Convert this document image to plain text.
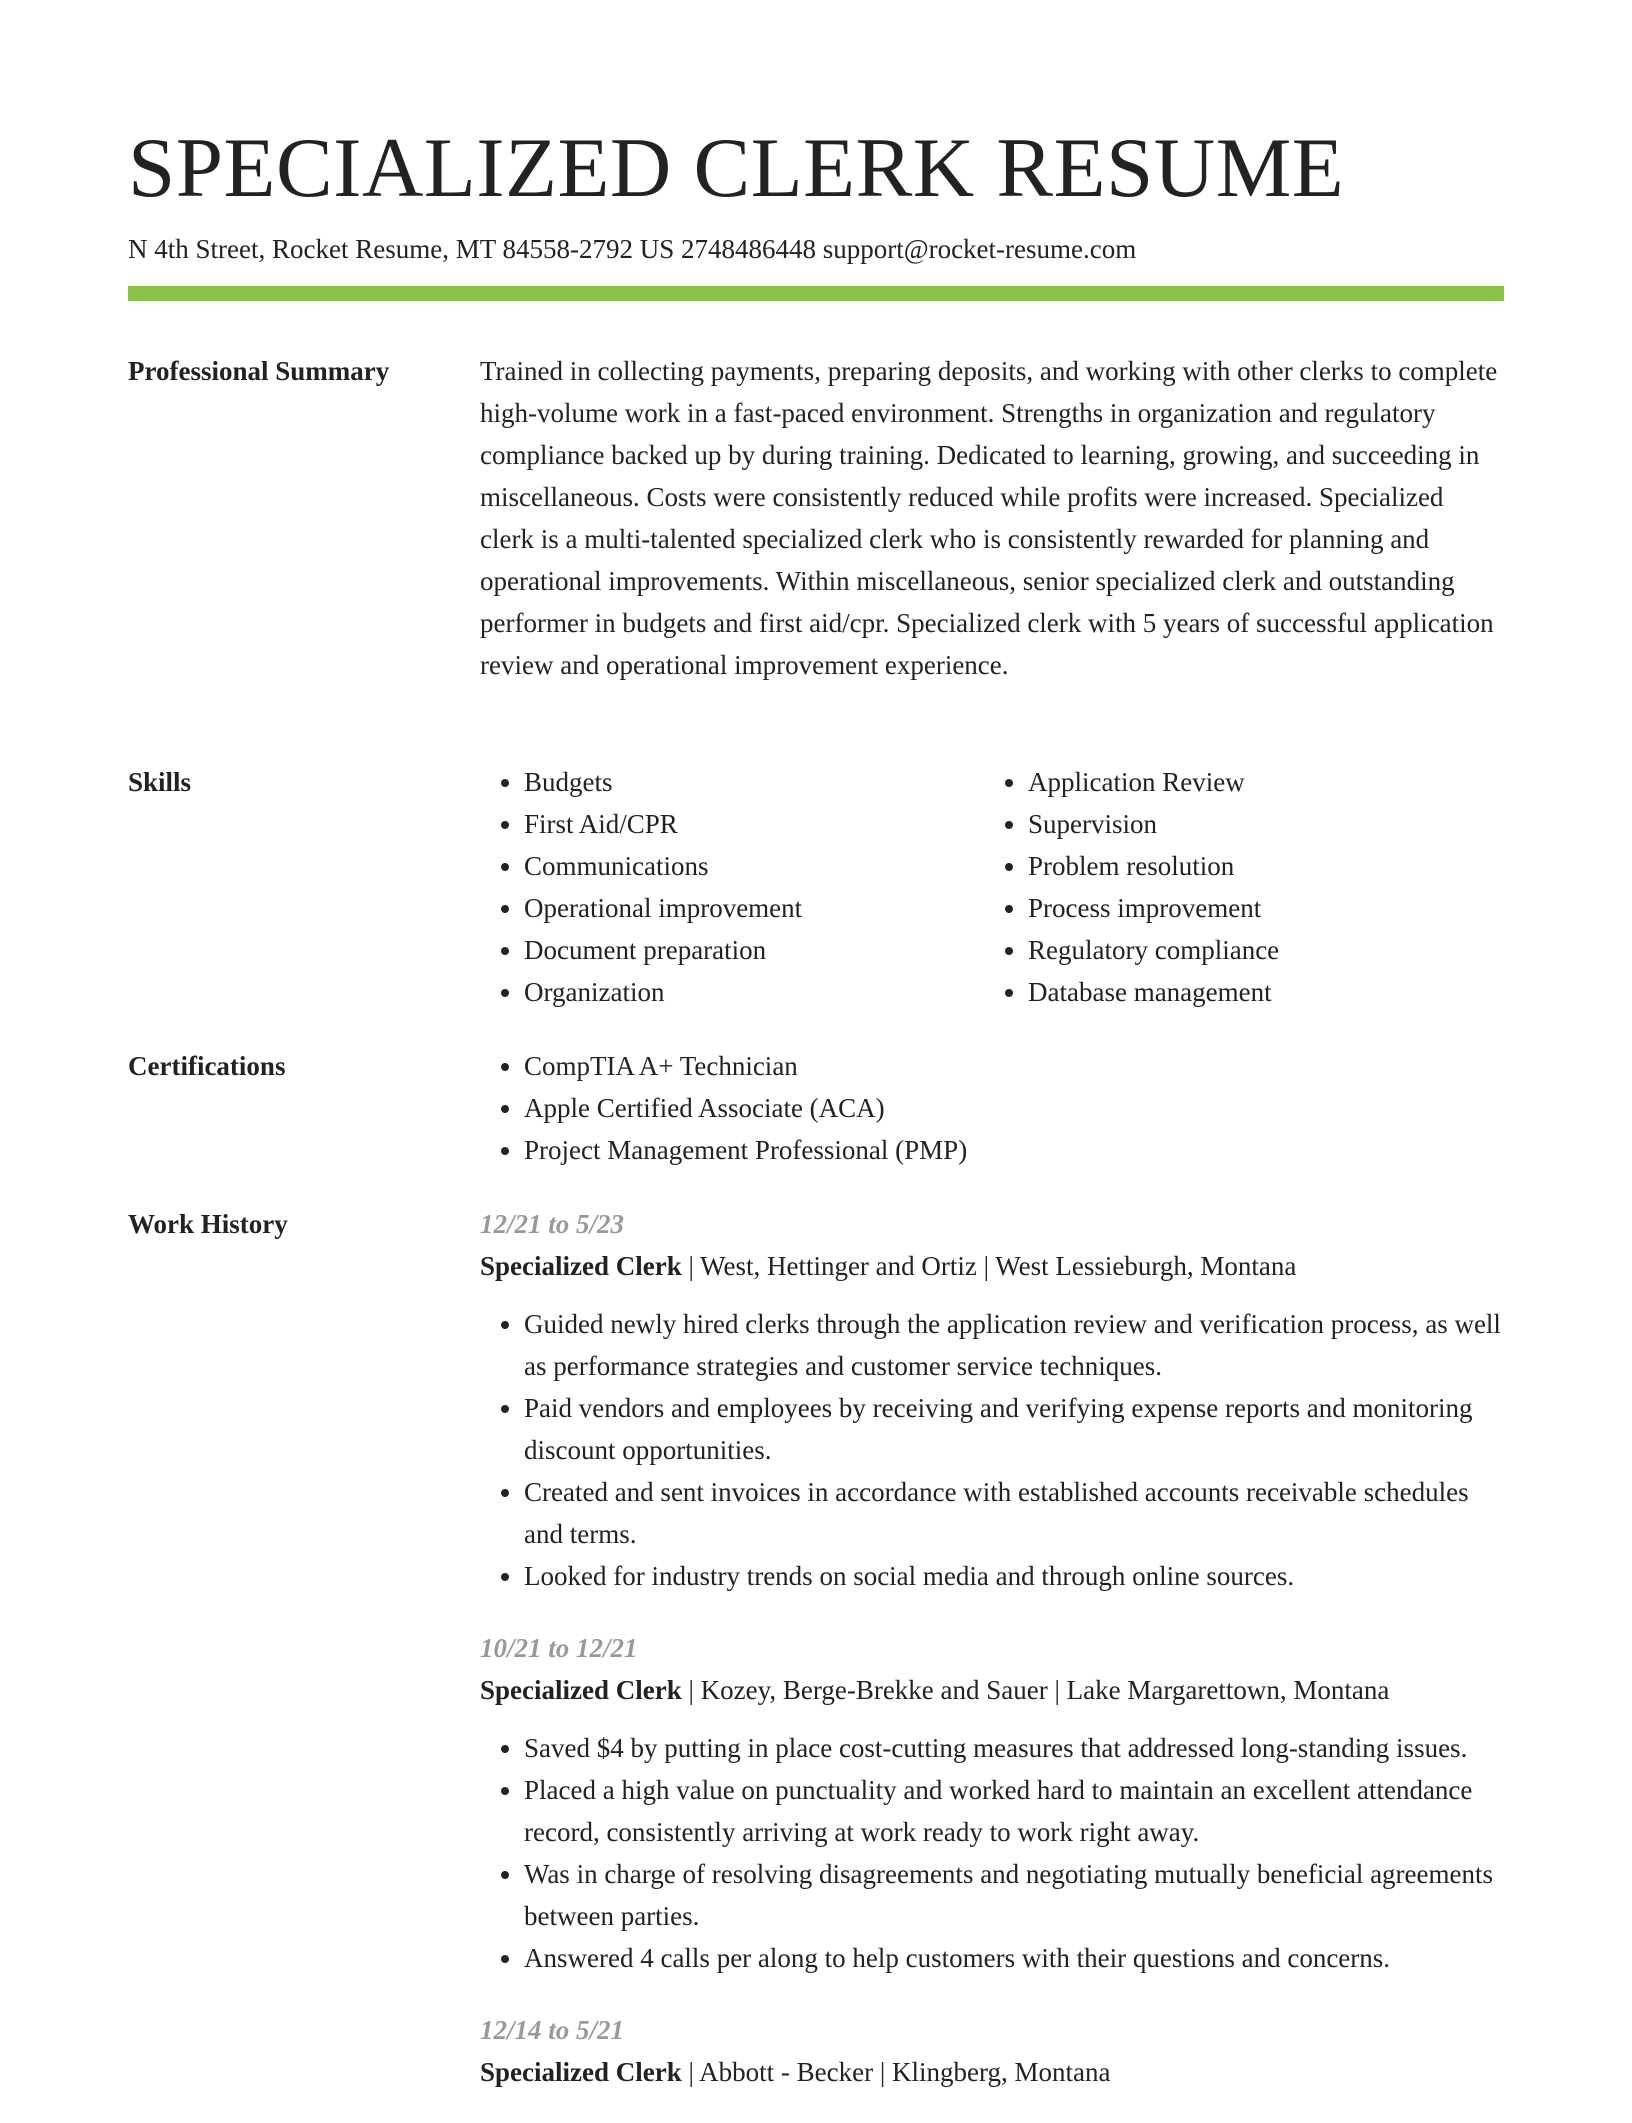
SPECIALIZED CLERK RESUME
N 4th Street, Rocket Resume, MT 84558-2792 US 2748486448 support@rocket-resume.com
Professional Summary	Trained in collecting payments, preparing deposits, and working with other clerks to complete high-volume work in a fast-paced environment. Strengths in organization and regulatory compliance backed up by during training. Dedicated to learning, growing, and succeeding in miscellaneous. Costs were consistently reduced while profits were increased. Specialized clerk is a multi-talented specialized clerk who is consistently rewarded for planning and operational improvements. Within miscellaneous, senior specialized clerk and outstanding performer in budgets and first aid/cpr. Specialized clerk with 5 years of successful application review and operational improvement experience.
Skills	• Budgets
• First Aid/CPR
• Communications
• Operational improvement
• Document preparation
• Organization
• Application Review
• Supervision
• Problem resolution
• Process improvement
• Regulatory compliance
• Database management
Certifications	• CompTIA A+ Technician
• Apple Certified Associate (ACA)
• Project Management Professional (PMP)
Work History	12/21 to 5/23
Specialized Clerk | West, Hettinger and Ortiz | West Lessieburgh, Montana
• Guided newly hired clerks through the application review and verification process, as well as performance strategies and customer service techniques.
• Paid vendors and employees by receiving and verifying expense reports and monitoring discount opportunities.
• Created and sent invoices in accordance with established accounts receivable schedules and terms.
• Looked for industry trends on social media and through online sources.
10/21 to 12/21
Specialized Clerk | Kozey, Berge-Brekke and Sauer | Lake Margarettown, Montana
• Saved $4 by putting in place cost-cutting measures that addressed long-standing issues.
• Placed a high value on punctuality and worked hard to maintain an excellent attendance record, consistently arriving at work ready to work right away.
• Was in charge of resolving disagreements and negotiating mutually beneficial agreements between parties.
• Answered 4 calls per along to help customers with their questions and concerns.
12/14 to 5/21
Specialized Clerk | Abbott - Becker | Klingberg, Montana
